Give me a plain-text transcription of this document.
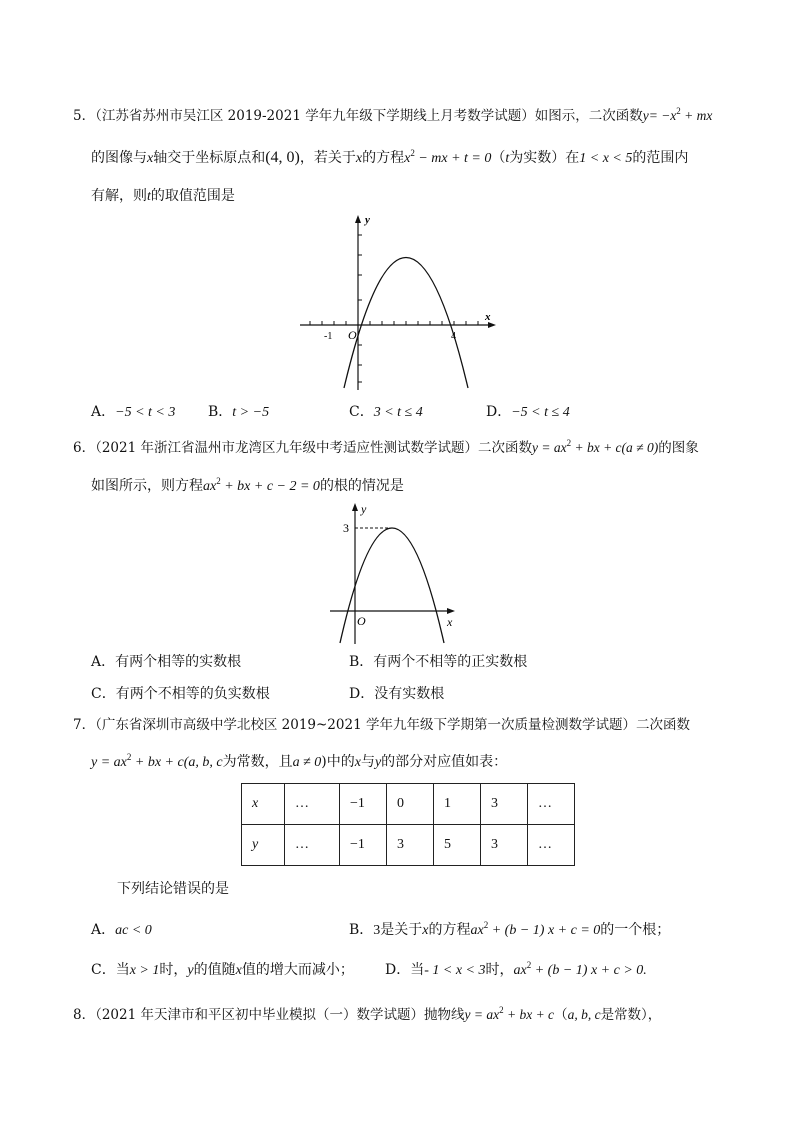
5．（江苏省苏州市吴江区 2019-2021 学年九年级下学期线上月考数学试题）如图示，二次函数$y= -x^2$ + mx
的图像与x轴交于坐标原点和(4, 0)，若关于x的方程$x^2$ − mx + t = 0（t为实数）在1 < x < 5的范围内
有解，则t的取值范围是
y
x
O
-1	4
A．−5 < t < 3 B．t > −5	C．3 < t ≤ 4	D．−5 < t ≤ 4
6．（2021 年浙江省温州市龙湾区九年级中考适应性测试数学试题）二次函数$y = ax^2$ + bx + c(a ≠ 0)的图象
如图所示，则方程$ax^2$ + bx + c − 2 = 0的根的情况是
y
x
O
3
A．有两个相等的实数根	B．有两个不相等的正实数根
C．有两个不相等的负实数根	D．没有实数根
7．（广东省深圳市高级中学北校区 2019~2021 学年九年级下学期第一次质量检测数学试题）二次函数
$y = ax^2$ + bx + c(a, b, c为常数，且a ≠ 0)中的x与y的部分对应值如表：
x	…	−1	0	1	3	…
y	…	−1	3	5	3	…
下列结论错误的是
A．ac < 0	B．3是关于x的方程$ax^2 + (b - 1) x + c = 0$的一个根；
C．当x > 1时，y的值随x值的增大而减小； D．当- 1 < x < 3时，$ax^2 + (b - 1) x + c > 0$.
8．（2021 年天津市和平区初中毕业模拟（一）数学试题）抛物线$y = ax^2$ + bx + c（a, b, c是常数），
